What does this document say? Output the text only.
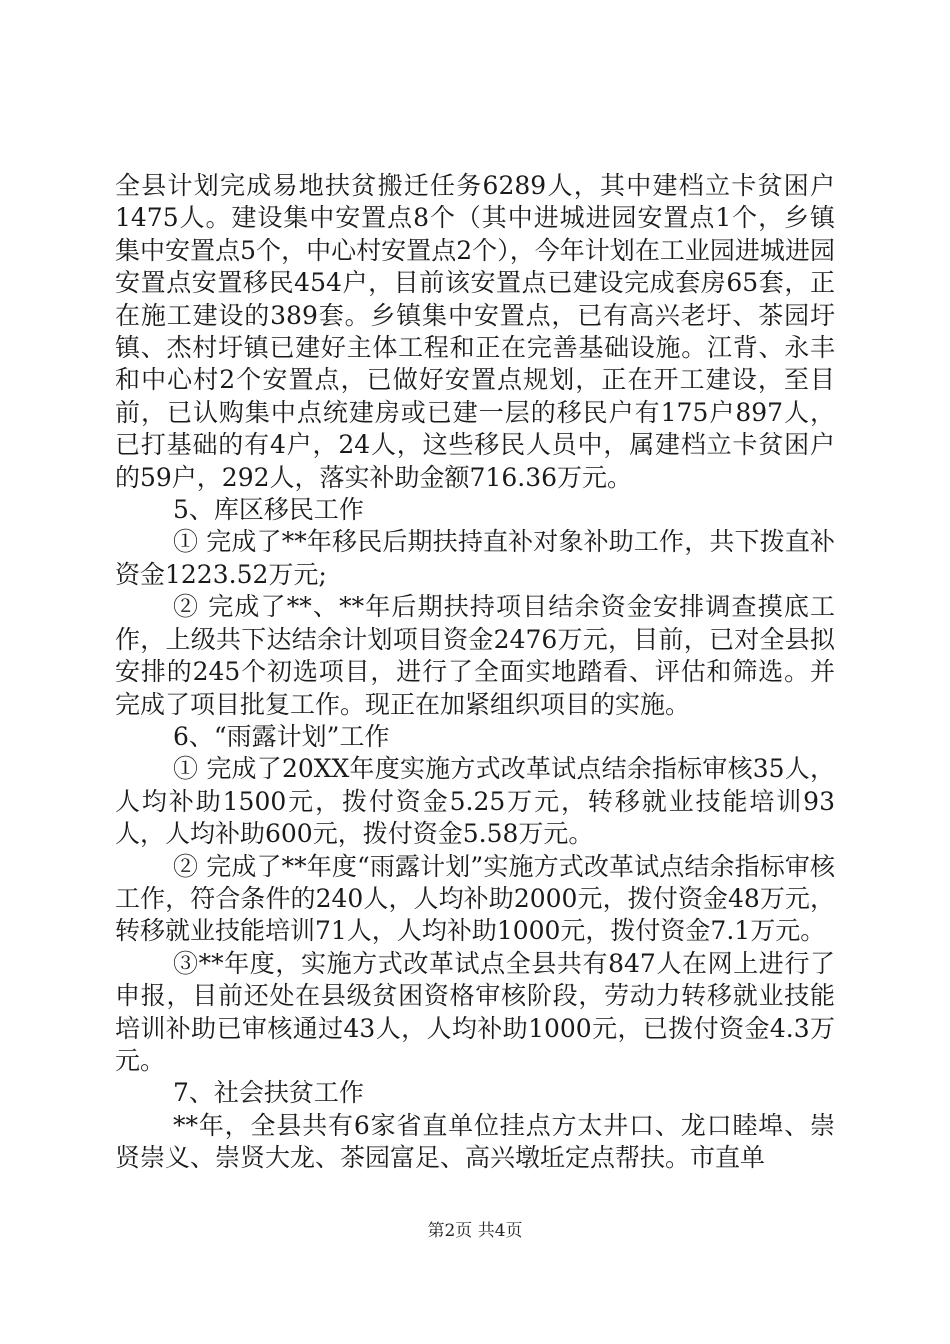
全县计划完成易地扶贫搬迁任务6289人，其中建档立卡贫困户1475人。建设集中安置点8个（其中进城进园安置点1个，乡镇集中安置点5个，中心村安置点2个），今年计划在工业园进城进园安置点安置移民454户，目前该安置点已建设完成套房65套，正在施工建设的389套。乡镇集中安置点，已有高兴老圩、茶园圩镇、杰村圩镇已建好主体工程和正在完善基础设施。江背、永丰和中心村2个安置点，已做好安置点规划，正在开工建设，至目前，已认购集中点统建房或已建一层的移民户有175户897人，已打基础的有4户，24人，这些移民人员中，属建档立卡贫困户的59户，292人，落实补助金额716.36万元。

5、库区移民工作

① 完成了**年移民后期扶持直补对象补助工作，共下拨直补资金1223.52万元;

② 完成了**、**年后期扶持项目结余资金安排调查摸底工作，上级共下达结余计划项目资金2476万元，目前，已对全县拟安排的245个初选项目，进行了全面实地踏看、评估和筛选。并完成了项目批复工作。现正在加紧组织项目的实施。

6、“雨露计划”工作

① 完成了20XX年度实施方式改革试点结余指标审核35人，人均补助1500元，拨付资金5.25万元，转移就业技能培训93人，人均补助600元，拨付资金5.58万元。

② 完成了**年度“雨露计划”实施方式改革试点结余指标审核工作，符合条件的240人，人均补助2000元，拨付资金48万元，转移就业技能培训71人，人均补助1000元，拨付资金7.1万元。

③**年度，实施方式改革试点全县共有847人在网上进行了申报，目前还处在县级贫困资格审核阶段，劳动力转移就业技能培训补助已审核通过43人，人均补助1000元，已拨付资金4.3万元。

7、社会扶贫工作

**年，全县共有6家省直单位挂点方太井口、龙口睦埠、崇贤崇义、崇贤大龙、茶园富足、高兴墩坵定点帮扶。市直单

第2页 共4页
